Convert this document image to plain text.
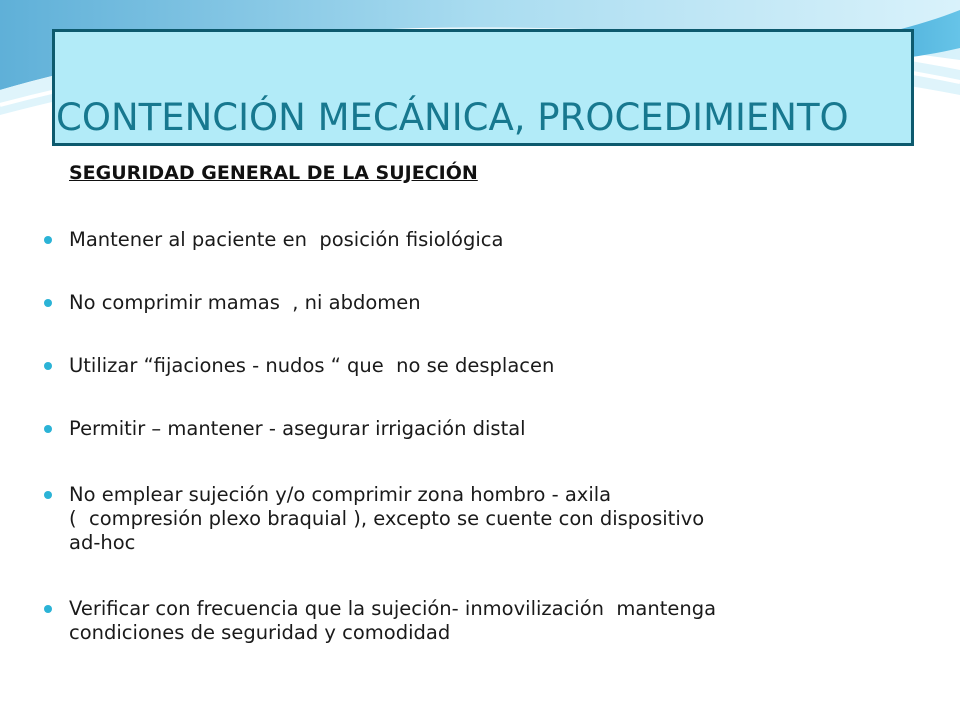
CONTENCIÓN MECÁNICA, PROCEDIMIENTO
SEGURIDAD GENERAL DE LA SUJECIÓN
Mantener al paciente en  posición fisiológica
No comprimir mamas  , ni abdomen
Utilizar “fijaciones - nudos “ que  no se desplacen
Permitir – mantener - asegurar irrigación distal
No emplear sujeción y/o comprimir zona hombro - axila
(  compresión plexo braquial ), excepto se cuente con dispositivo
ad-hoc
Verificar con frecuencia que la sujeción- inmovilización  mantenga
condiciones de seguridad y comodidad
